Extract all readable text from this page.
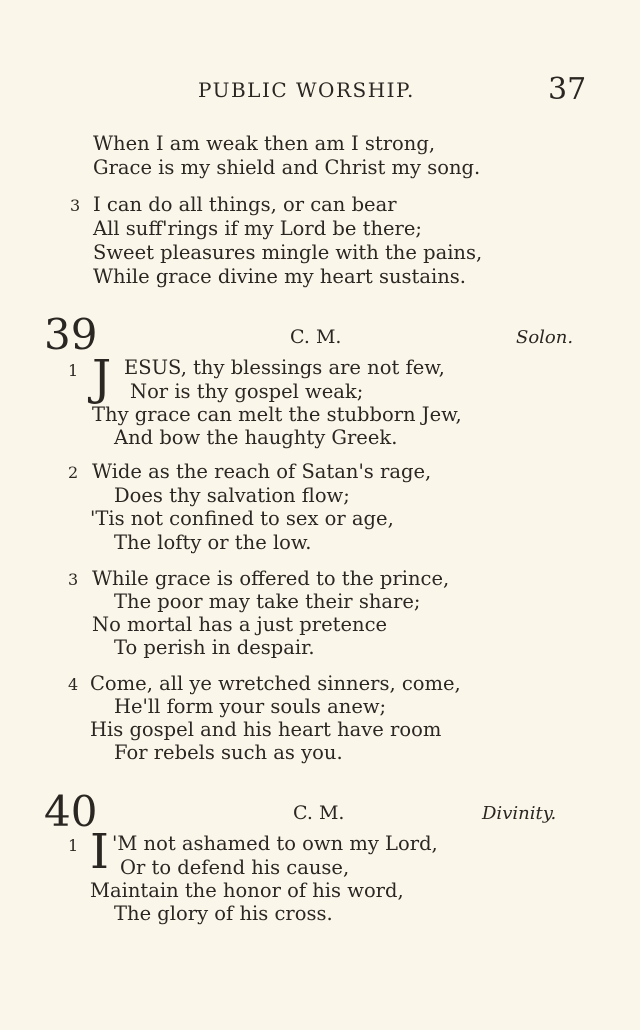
PUBLIC WORSHIP.	37
When I am weak then am I strong,
Grace is my shield and Christ my song.
3 I can do all things, or can bear
All suff'rings if my Lord be there;
Sweet pleasures mingle with the pains,
While grace divine my heart sustains.
39	C. M.	Solon.
1 J ESUS, thy blessings are not few,
Nor is thy gospel weak;
Thy grace can melt the stubborn Jew,
And bow the haughty Greek.
2 Wide as the reach of Satan's rage,
Does thy salvation flow;
'Tis not confined to sex or age,
The lofty or the low.
3 While grace is offered to the prince,
The poor may take their share;
No mortal has a just pretence
To perish in despair.
4 Come, all ye wretched sinners, come,
He'll form your souls anew;
His gospel and his heart have room
For rebels such as you.
40	C. M.	Divinity.
1 I 'M not ashamed to own my Lord,
Or to defend his cause,
Maintain the honor of his word,
The glory of his cross.
